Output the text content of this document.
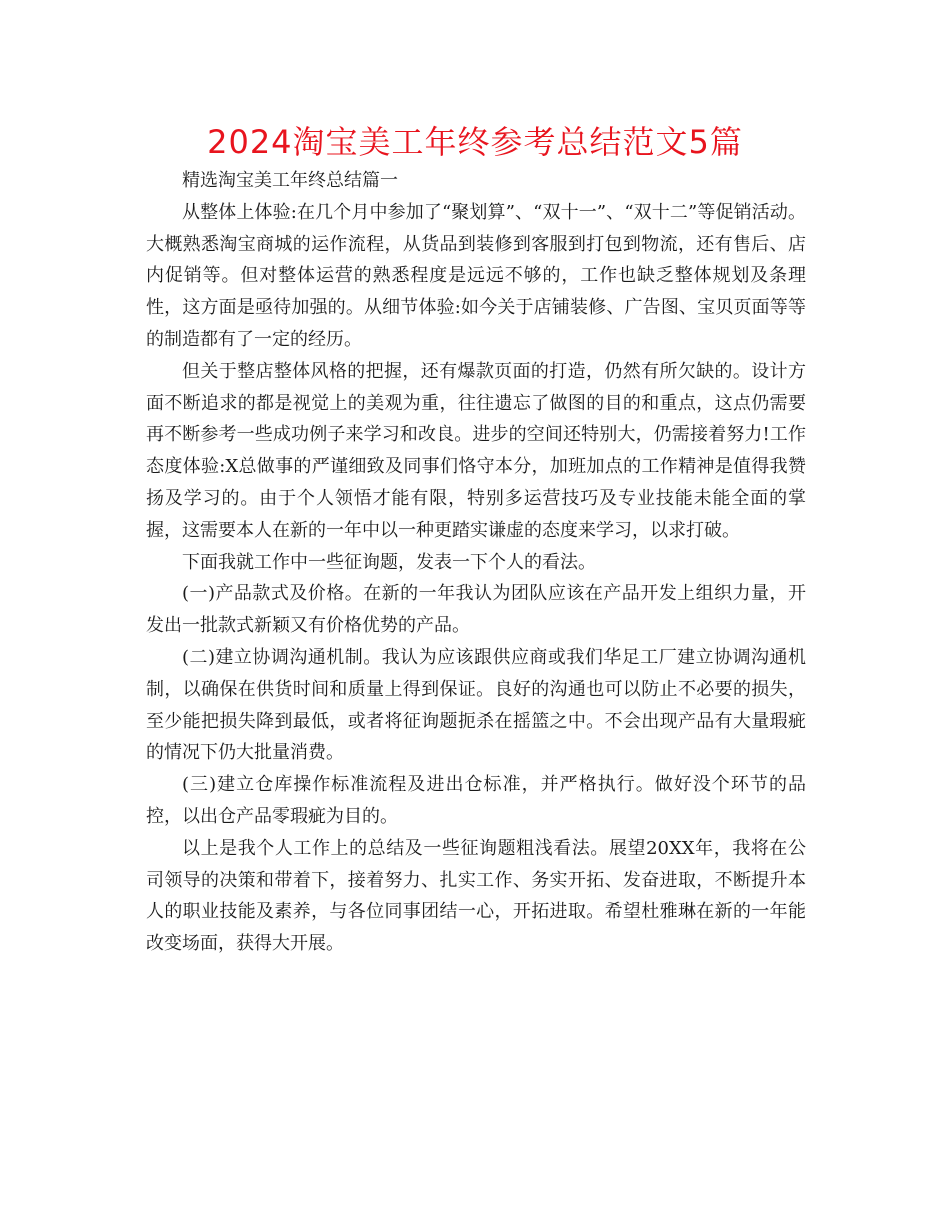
2024淘宝美工年终参考总结范文5篇

精选淘宝美工年终总结篇一

从整体上体验:在几个月中参加了“聚划算”、“双十一”、“双十二”等促销活动。大概熟悉淘宝商城的运作流程，从货品到装修到客服到打包到物流，还有售后、店内促销等。但对整体运营的熟悉程度是远远不够的，工作也缺乏整体规划及条理性，这方面是亟待加强的。从细节体验:如今关于店铺装修、广告图、宝贝页面等等的制造都有了一定的经历。

但关于整店整体风格的把握，还有爆款页面的打造，仍然有所欠缺的。设计方面不断追求的都是视觉上的美观为重，往往遗忘了做图的目的和重点，这点仍需要再不断参考一些成功例子来学习和改良。进步的空间还特别大，仍需接着努力!工作态度体验:X总做事的严谨细致及同事们恪守本分，加班加点的工作精神是值得我赞扬及学习的。由于个人领悟才能有限，特别多运营技巧及专业技能未能全面的掌握，这需要本人在新的一年中以一种更踏实谦虚的态度来学习，以求打破。

下面我就工作中一些征询题，发表一下个人的看法。

(一)产品款式及价格。在新的一年我认为团队应该在产品开发上组织力量，开发出一批款式新颖又有价格优势的产品。

(二)建立协调沟通机制。我认为应该跟供应商或我们华足工厂建立协调沟通机制，以确保在供货时间和质量上得到保证。良好的沟通也可以防止不必要的损失，至少能把损失降到最低，或者将征询题扼杀在摇篮之中。不会出现产品有大量瑕疵的情况下仍大批量消费。

(三)建立仓库操作标准流程及进出仓标准，并严格执行。做好没个环节的品控，以出仓产品零瑕疵为目的。

以上是我个人工作上的总结及一些征询题粗浅看法。展望20XX年，我将在公司领导的决策和带着下，接着努力、扎实工作、务实开拓、发奋进取，不断提升本人的职业技能及素养，与各位同事团结一心，开拓进取。希望杜雅琳在新的一年能改变场面，获得大开展。
